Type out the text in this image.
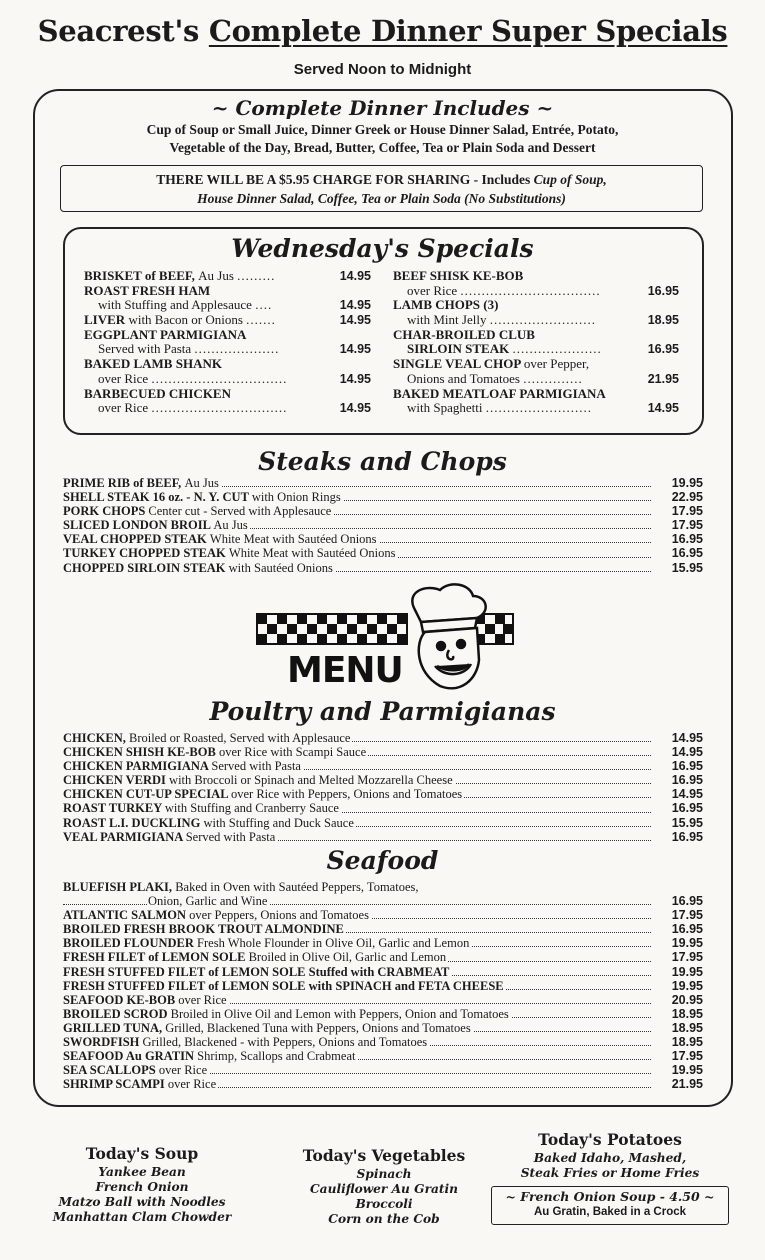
Seacrest's Complete Dinner Super Specials
Served Noon to Midnight
~ Complete Dinner Includes ~
Cup of Soup or Small Juice, Dinner Greek or House Dinner Salad, Entrée, Potato,
Vegetable of the Day, Bread, Butter, Coffee, Tea or Plain Soda and Dessert
THERE WILL BE A $5.95 CHARGE FOR SHARING - Includes Cup of Soup,
House Dinner Salad, Coffee, Tea or Plain Soda (No Substitutions)
Wednesday's Specials
BRISKET of BEEF, Au Jus .........	14.95
ROAST FRESH HAM
with Stuffing and Applesauce ....	14.95
LIVER with Bacon or Onions .......	14.95
EGGPLANT PARMIGIANA
Served with Pasta ....................	14.95
BAKED LAMB SHANK
over Rice ................................	14.95
BARBECUED CHICKEN
over Rice ................................	14.95
BEEF SHISK KE-BOB
over Rice .................................	16.95
LAMB CHOPS (3)
with Mint Jelly .........................	18.95
CHAR-BROILED CLUB
SIRLOIN STEAK .....................	16.95
SINGLE VEAL CHOP over Pepper,
Onions and Tomatoes ..............	21.95
BAKED MEATLOAF PARMIGIANA
with Spaghetti .........................	14.95
Steaks and Chops
PRIME RIB of BEEF, Au Jus	19.95
SHELL STEAK 16 oz. - N. Y. CUT with Onion Rings	22.95
PORK CHOPS Center cut - Served with Applesauce	17.95
SLICED LONDON BROIL Au Jus	17.95
VEAL CHOPPED STEAK White Meat with Sautéed Onions	16.95
TURKEY CHOPPED STEAK White Meat with Sautéed Onions	16.95
CHOPPED SIRLOIN STEAK with Sautéed Onions	15.95
MENU
Poultry and Parmigianas
CHICKEN, Broiled or Roasted, Served with Applesauce	14.95
CHICKEN SHISH KE-BOB over Rice with Scampi Sauce	14.95
CHICKEN PARMIGIANA Served with Pasta	16.95
CHICKEN VERDI with Broccoli or Spinach and Melted Mozzarella Cheese	16.95
CHICKEN CUT-UP SPECIAL over Rice with Peppers, Onions and Tomatoes	14.95
ROAST TURKEY with Stuffing and Cranberry Sauce	16.95
ROAST L.I. DUCKLING with Stuffing and Duck Sauce	15.95
VEAL PARMIGIANA Served with Pasta	16.95
Seafood
BLUEFISH PLAKI, Baked in Oven with Sautéed Peppers, Tomatoes,
Onion, Garlic and Wine	16.95
ATLANTIC SALMON over Peppers, Onions and Tomatoes	17.95
BROILED FRESH BROOK TROUT ALMONDINE	16.95
BROILED FLOUNDER Fresh Whole Flounder in Olive Oil, Garlic and Lemon	19.95
FRESH FILET of LEMON SOLE Broiled in Olive Oil, Garlic and Lemon	17.95
FRESH STUFFED FILET of LEMON SOLE Stuffed with CRABMEAT	19.95
FRESH STUFFED FILET of LEMON SOLE with SPINACH and FETA CHEESE	19.95
SEAFOOD KE-BOB over Rice	20.95
BROILED SCROD Broiled in Olive Oil and Lemon with Peppers, Onion and Tomatoes	18.95
GRILLED TUNA, Grilled, Blackened Tuna with Peppers, Onions and Tomatoes	18.95
SWORDFISH Grilled, Blackened - with Peppers, Onions and Tomatoes	18.95
SEAFOOD Au GRATIN Shrimp, Scallops and Crabmeat	17.95
SEA SCALLOPS over Rice	19.95
SHRIMP SCAMPI over Rice	21.95
Today's Soup
Yankee Bean
French Onion
Matzo Ball with Noodles
Manhattan Clam Chowder
Today's Vegetables
Spinach
Cauliflower Au Gratin
Broccoli
Corn on the Cob
Today's Potatoes
Baked Idaho, Mashed,
Steak Fries or Home Fries
~ French Onion Soup - 4.50 ~
Au Gratin, Baked in a Crock
